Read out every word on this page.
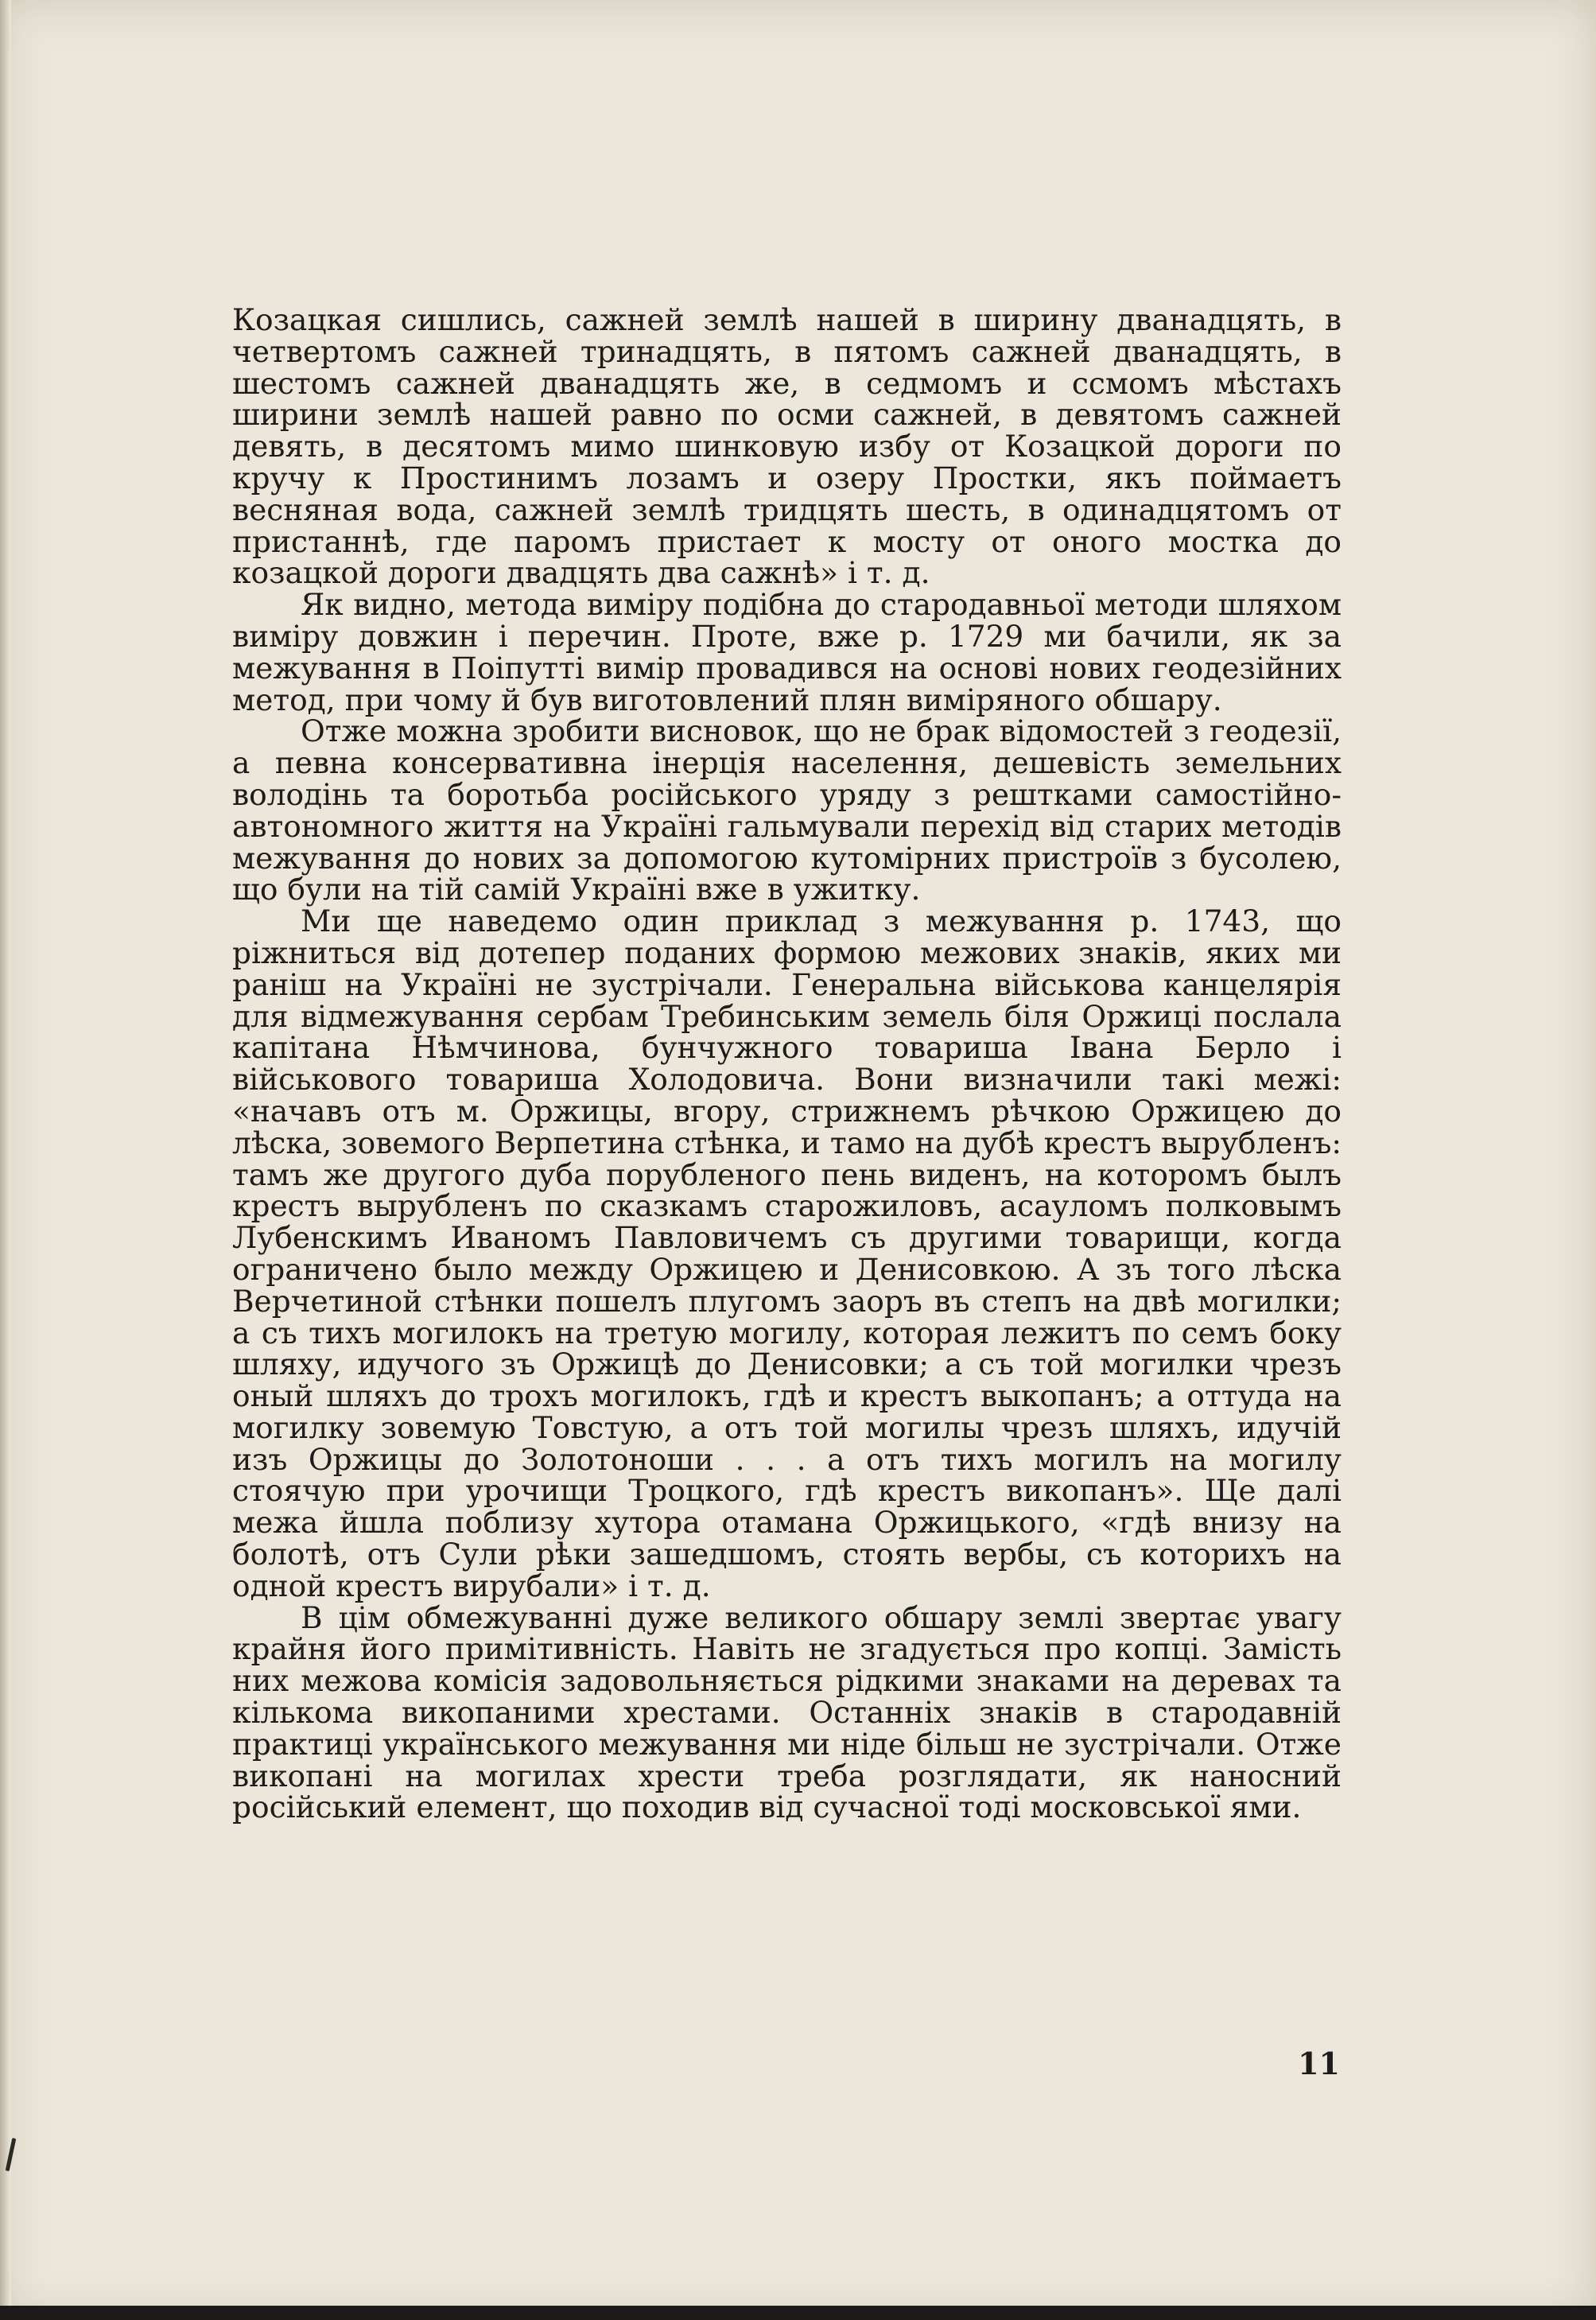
Козацкая сишлись, сажней землѣ нашей в ширину дванадцять, в четвертомъ сажней тринадцять, в пятомъ сажней дванадцять, в шестомъ сажней дванадцять же, в седмомъ и ссмомъ мѣстахъ ширини землѣ нашей равно по осми сажней, в девятомъ сажней девять, в десятомъ мимо шинковую избу от Козацкой дороги по кручу к Простинимъ лозамъ и озеру Простки, якъ поймаетъ весняная вода, сажней землѣ тридцять шесть, в одинадцятомъ от пристаннѣ, где паромъ пристает к мосту от оного мостка до козацкой дороги двадцять два сажнѣ» і т. д.

Як видно, метода виміру подібна до стародавньої методи шляхом виміру довжин і перечин. Проте, вже р. 1729 ми бачили, як за межування в Поіпутті вимір провадився на основі нових геодезійних метод, при чому й був виготовлений плян виміряного обшару.

Отже можна зробити висновок, що не брак відомостей з геодезії, а певна консервативна інерція населення, дешевість земельних володінь та боротьба російського уряду з рештками самостійно-автономного життя на Україні гальмували перехід від старих методів межування до нових за допомогою кутомірних пристроїв з бусолею, що були на тій самій Україні вже в ужитку.

Ми ще наведемо один приклад з межування р. 1743, що ріжниться від дотепер поданих формою межових знаків, яких ми раніш на Україні не зустрічали. Генеральна військова канцелярія для відмежування сербам Требинським земель біля Оржиці послала капітана Нѣмчинова, бунчужного товариша Івана Берло і військового товариша Холодовича. Вони визначили такі межі: «начавъ отъ м. Оржицы, вгору, стрижнемъ рѣчкою Оржицею до лѣска, зовемого Верпетина стѣнка, и тамо на дубѣ крестъ вырубленъ: тамъ же другого дуба порубленого пень виденъ, на которомъ былъ крестъ вырубленъ по сказкамъ старожиловъ, асауломъ полковымъ Лубенскимъ Иваномъ Павловичемъ съ другими товарищи, когда ограничено было между Оржицею и Денисовкою. А зъ того лѣска Верчетиной стѣнки пошелъ плугомъ заоръ въ степъ на двѣ могилки; а съ тихъ могилокъ на третую могилу, которая лежитъ по семъ боку шляху, идучого зъ Оржицѣ до Денисовки; а съ той могилки чрезъ оный шляхъ до трохъ могилокъ, гдѣ и крестъ выкопанъ; а оттуда на могилку зовемую Товстую, а отъ той могилы чрезъ шляхъ, идучій изъ Оржицы до Золотоноши . . . а отъ тихъ могилъ на могилу стоячую при урочищи Троцкого, гдѣ крестъ викопанъ». Ще далі межа йшла поблизу хутора отамана Оржицького, «гдѣ внизу на болотѣ, отъ Сули рѣки зашедшомъ, стоять вербы, съ которихъ на одной крестъ вирубали» і т. д.

В цім обмежуванні дуже великого обшару землі звертає увагу крайня його примітивність. Навіть не згадується про копці. Замість них межова комісія задовольняється рідкими знаками на деревах та кількома викопаними хрестами. Останніх знаків в стародавній практиці українського межування ми ніде більш не зустрічали. Отже викопані на могилах хрести треба розглядати, як наносний російський елемент, що походив від сучасної тоді московської ями.

11
